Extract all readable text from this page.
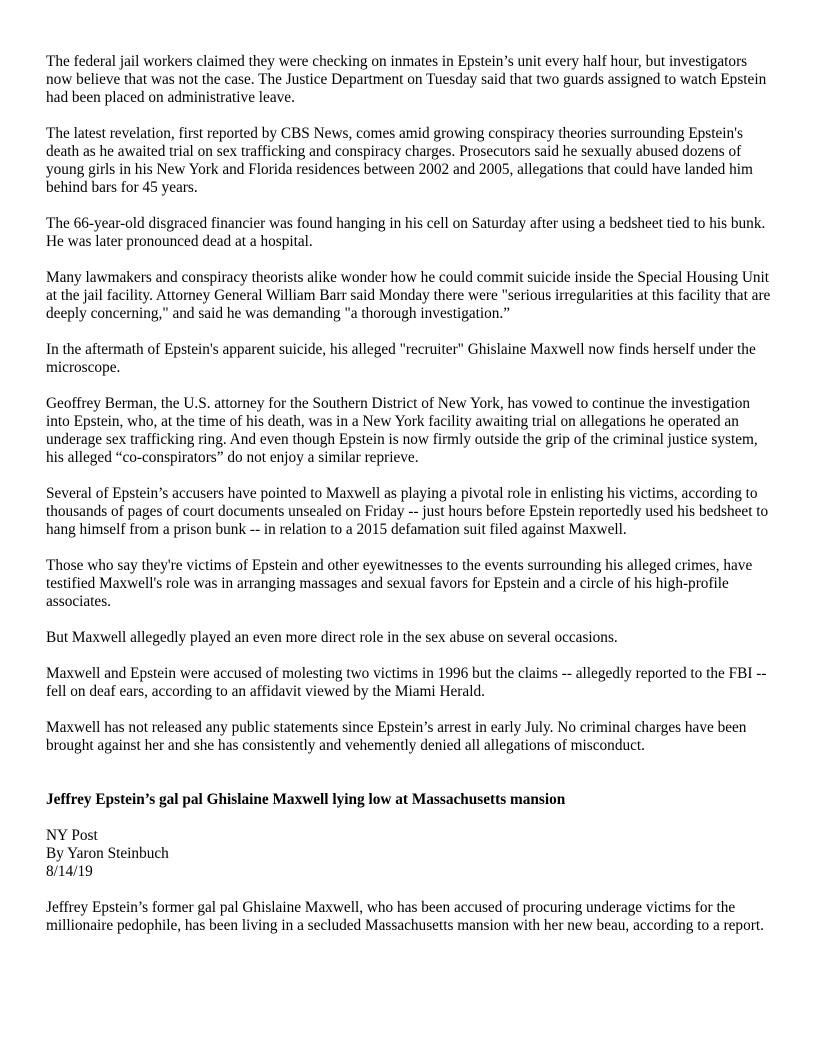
The federal jail workers claimed they were checking on inmates in Epstein’s unit every half hour, but investigators now believe that was not the case. The Justice Department on Tuesday said that two guards assigned to watch Epstein had been placed on administrative leave.

The latest revelation, first reported by CBS News, comes amid growing conspiracy theories surrounding Epstein's death as he awaited trial on sex trafficking and conspiracy charges. Prosecutors said he sexually abused dozens of young girls in his New York and Florida residences between 2002 and 2005, allegations that could have landed him behind bars for 45 years.

The 66-year-old disgraced financier was found hanging in his cell on Saturday after using a bedsheet tied to his bunk. He was later pronounced dead at a hospital.

Many lawmakers and conspiracy theorists alike wonder how he could commit suicide inside the Special Housing Unit at the jail facility. Attorney General William Barr said Monday there were "serious irregularities at this facility that are deeply concerning," and said he was demanding "a thorough investigation.”

In the aftermath of Epstein's apparent suicide, his alleged "recruiter" Ghislaine Maxwell now finds herself under the microscope.

Geoffrey Berman, the U.S. attorney for the Southern District of New York, has vowed to continue the investigation into Epstein, who, at the time of his death, was in a New York facility awaiting trial on allegations he operated an underage sex trafficking ring. And even though Epstein is now firmly outside the grip of the criminal justice system, his alleged “co-conspirators” do not enjoy a similar reprieve.

Several of Epstein’s accusers have pointed to Maxwell as playing a pivotal role in enlisting his victims, according to thousands of pages of court documents unsealed on Friday -- just hours before Epstein reportedly used his bedsheet to hang himself from a prison bunk -- in relation to a 2015 defamation suit filed against Maxwell.

Those who say they're victims of Epstein and other eyewitnesses to the events surrounding his alleged crimes, have testified Maxwell's role was in arranging massages and sexual favors for Epstein and a circle of his high-profile associates.

But Maxwell allegedly played an even more direct role in the sex abuse on several occasions.

Maxwell and Epstein were accused of molesting two victims in 1996 but the claims -- allegedly reported to the FBI -- fell on deaf ears, according to an affidavit viewed by the Miami Herald.

Maxwell has not released any public statements since Epstein’s arrest in early July. No criminal charges have been brought against her and she has consistently and vehemently denied all allegations of misconduct.

Jeffrey Epstein’s gal pal Ghislaine Maxwell lying low at Massachusetts mansion

NY Post
By Yaron Steinbuch
8/14/19

Jeffrey Epstein’s former gal pal Ghislaine Maxwell, who has been accused of procuring underage victims for the millionaire pedophile, has been living in a secluded Massachusetts mansion with her new beau, according to a report.
